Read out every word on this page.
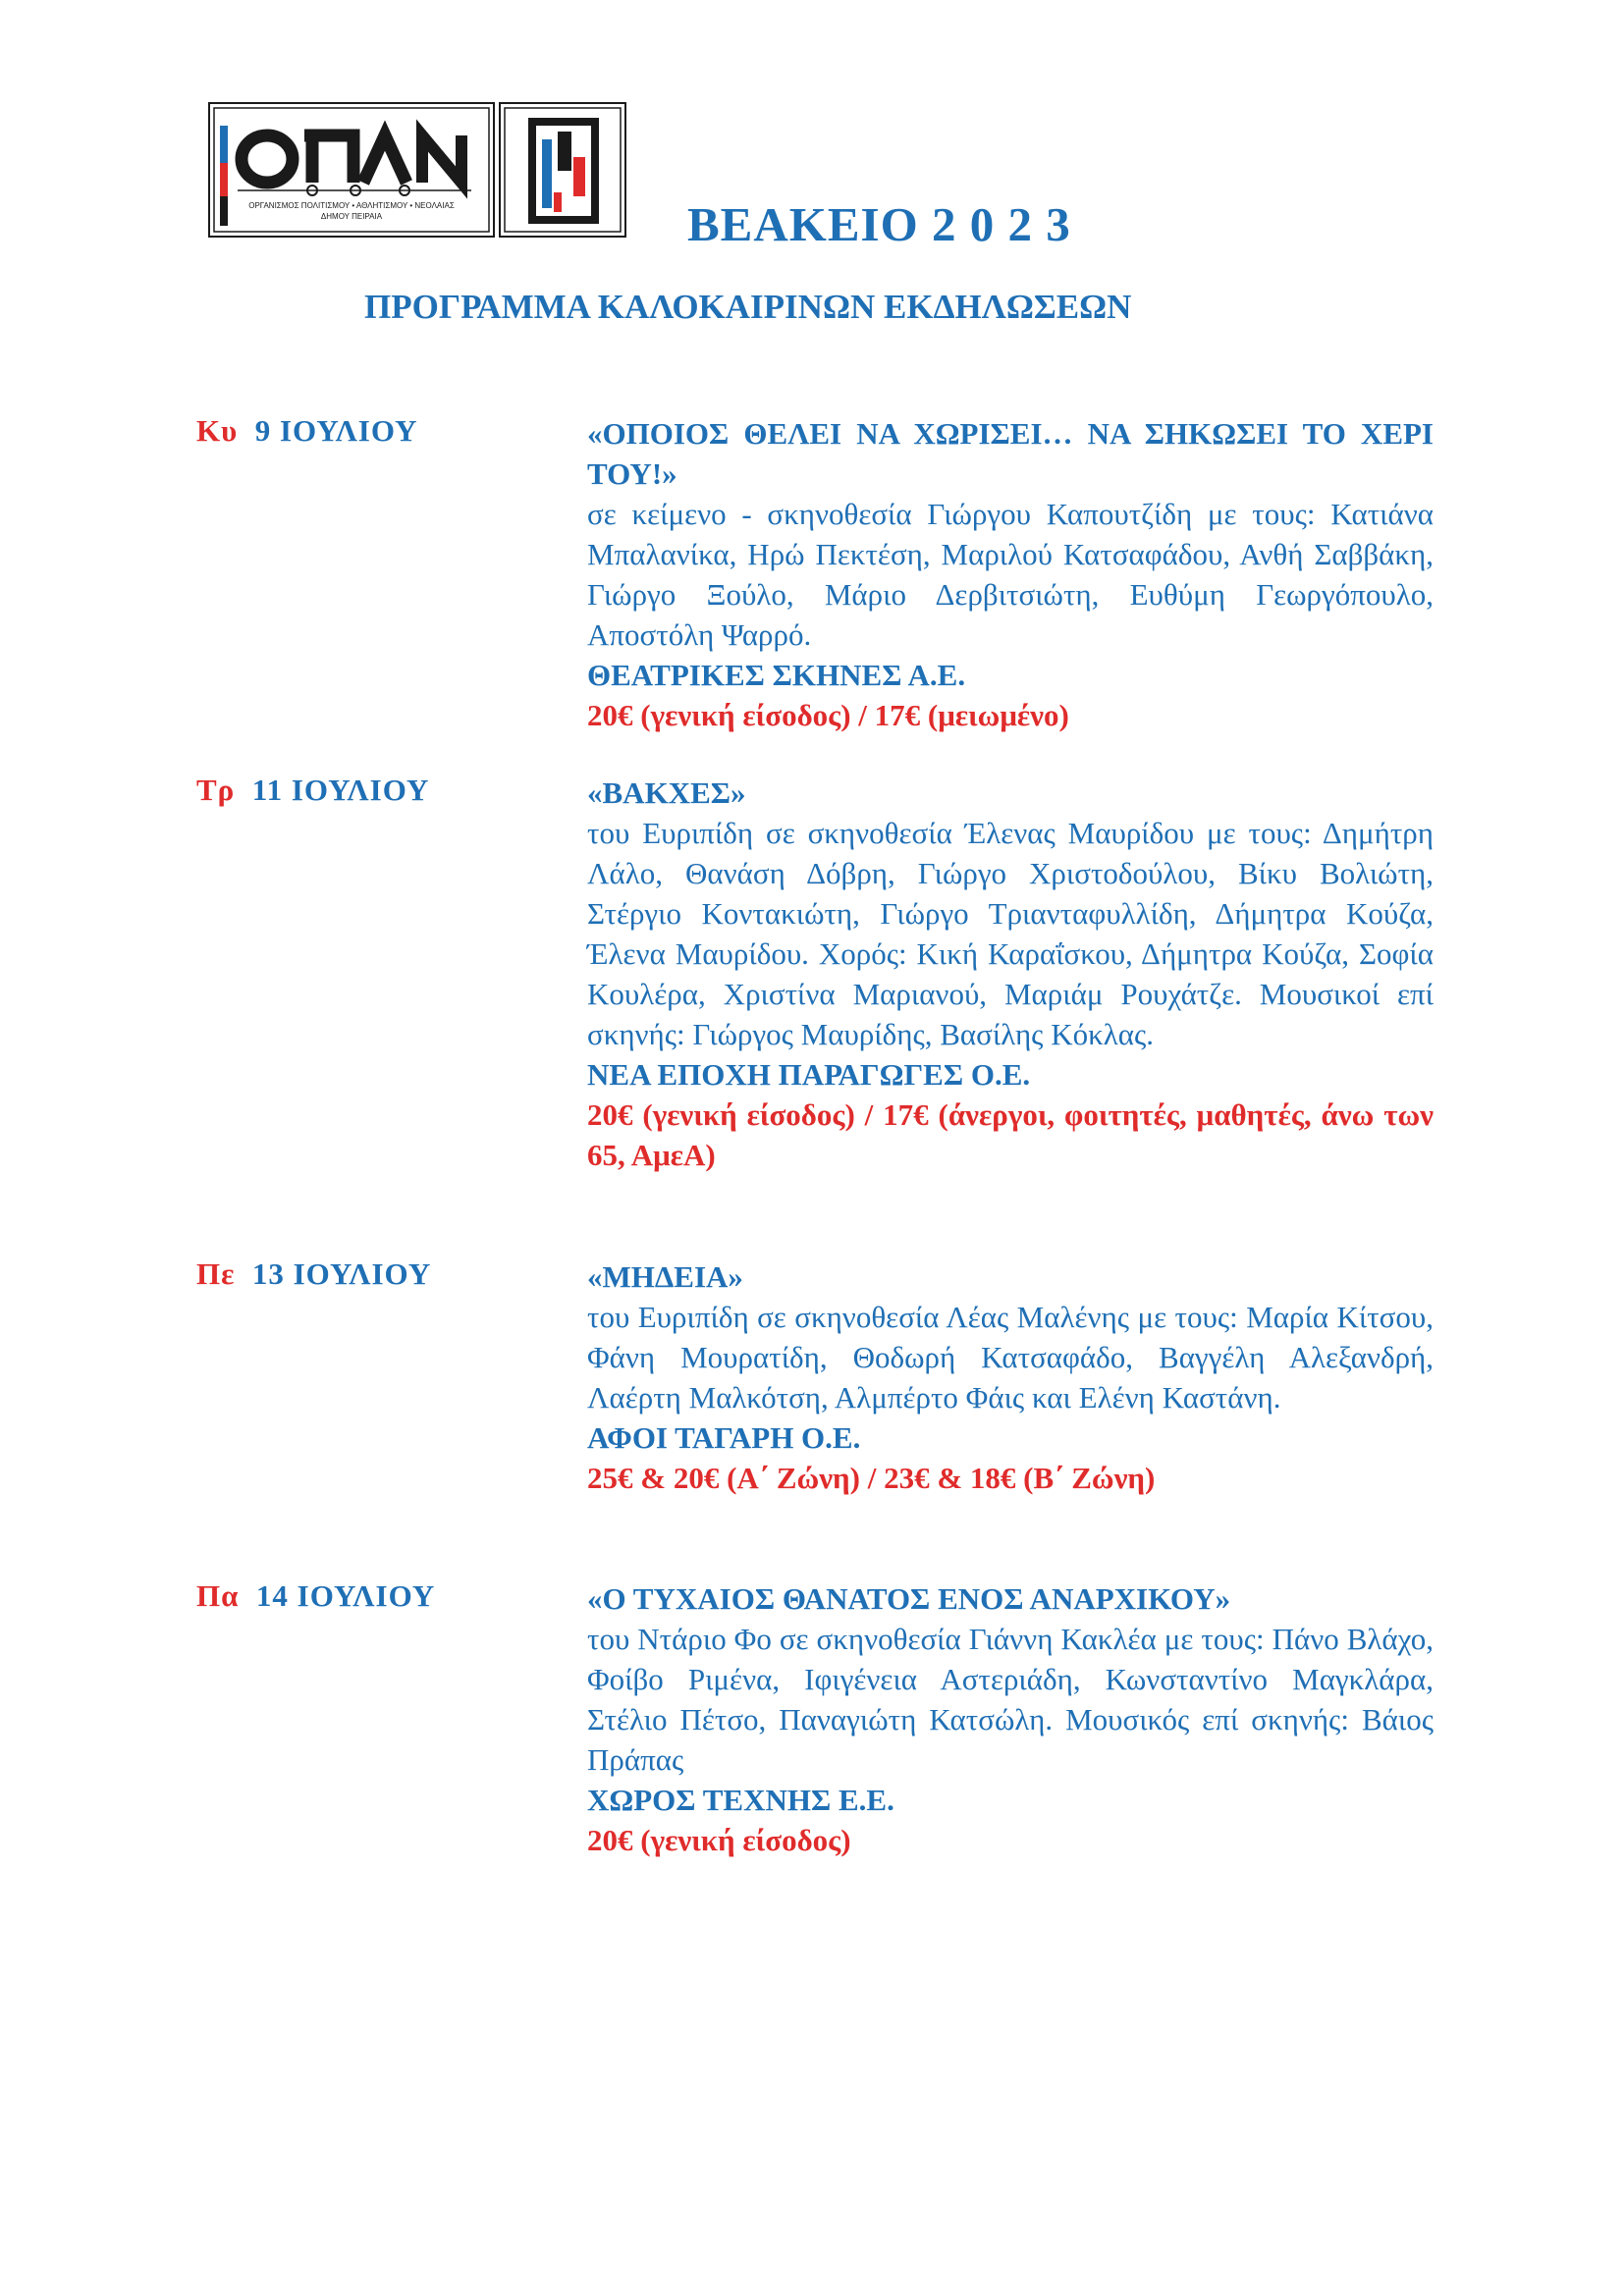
ΟΡΓΑΝΙΣΜΟΣ ΠΟΛΙΤΙΣΜΟΥ • ΑΘΛΗΤΙΣΜΟΥ • ΝΕΟΛΑΙΑΣ
ΔΗΜΟΥ ΠΕΙΡΑΙΑ	ΒΕΑΚΕΙΟ 2 0 2 3
ΠΡΟΓΡΑΜΜΑ ΚΑΛΟΚΑΙΡΙΝΩΝ ΕΚΔΗΛΩΣΕΩΝ
Κυ 9 ΙΟΥΛΙΟΥ	«ΟΠΟΙΟΣ ΘΕΛΕΙ ΝΑ ΧΩΡΙΣΕΙ… ΝΑ ΣΗΚΩΣΕΙ ΤΟ ΧΕΡΙ ΤΟΥ!»
σε κείμενο - σκηνοθεσία Γιώργου Καπουτζίδη με τους: Κατιάνα Μπαλανίκα, Ηρώ Πεκτέση, Μαριλού Κατσαφάδου, Ανθή Σαββάκη, Γιώργο Ξούλο, Μάριο Δερβιτσιώτη, Ευθύμη Γεωργόπουλο, Αποστόλη Ψαρρό.
ΘΕΑΤΡΙΚΕΣ ΣΚΗΝΕΣ Α.Ε.
20€ (γενική είσοδος) / 17€ (μειωμένο)
Τρ 11 ΙΟΥΛΙΟΥ	«ΒΑΚΧΕΣ»
του Ευριπίδη σε σκηνοθεσία Έλενας Μαυρίδου με τους: Δημήτρη Λάλο, Θανάση Δόβρη, Γιώργο Χριστοδούλου, Βίκυ Βολιώτη, Στέργιο Κοντακιώτη, Γιώργο Τριανταφυλλίδη, Δήμητρα Κούζα, Έλενα Μαυρίδου. Χορός: Κική Καραΐσκου, Δήμητρα Κούζα, Σοφία Κουλέρα, Χριστίνα Μαριανού, Μαριάμ Ρουχάτζε. Μουσικοί επί σκηνής: Γιώργος Μαυρίδης, Βασίλης Κόκλας.
ΝΕΑ ΕΠΟΧΗ ΠΑΡΑΓΩΓΕΣ Ο.Ε.
20€ (γενική είσοδος) / 17€ (άνεργοι, φοιτητές, μαθητές, άνω των 65, ΑμεΑ)
Πε 13 ΙΟΥΛΙΟΥ	«ΜΗΔΕΙΑ»
του Ευριπίδη σε σκηνοθεσία Λέας Μαλένης με τους: Μαρία Κίτσου, Φάνη Μουρατίδη, Θοδωρή Κατσαφάδο, Βαγγέλη Αλεξανδρή, Λαέρτη Μαλκότση, Αλμπέρτο Φάις και Ελένη Καστάνη.
ΑΦΟΙ ΤΑΓΑΡΗ Ο.Ε.
25€ & 20€ (Α΄ Ζώνη) / 23€ & 18€ (Β΄ Ζώνη)
Πα 14 ΙΟΥΛΙΟΥ	«Ο ΤΥΧΑΙΟΣ ΘΑΝΑΤΟΣ ΕΝΟΣ ΑΝΑΡΧΙΚΟΥ»
του Ντάριο Φο σε σκηνοθεσία Γιάννη Κακλέα με τους: Πάνο Βλάχο, Φοίβο Ριμένα, Ιφιγένεια Αστεριάδη, Κωνσταντίνο Μαγκλάρα, Στέλιο Πέτσο, Παναγιώτη Κατσώλη. Μουσικός επί σκηνής: Βάιος Πράπας
ΧΩΡΟΣ ΤΕΧΝΗΣ Ε.Ε.
20€ (γενική είσοδος)
